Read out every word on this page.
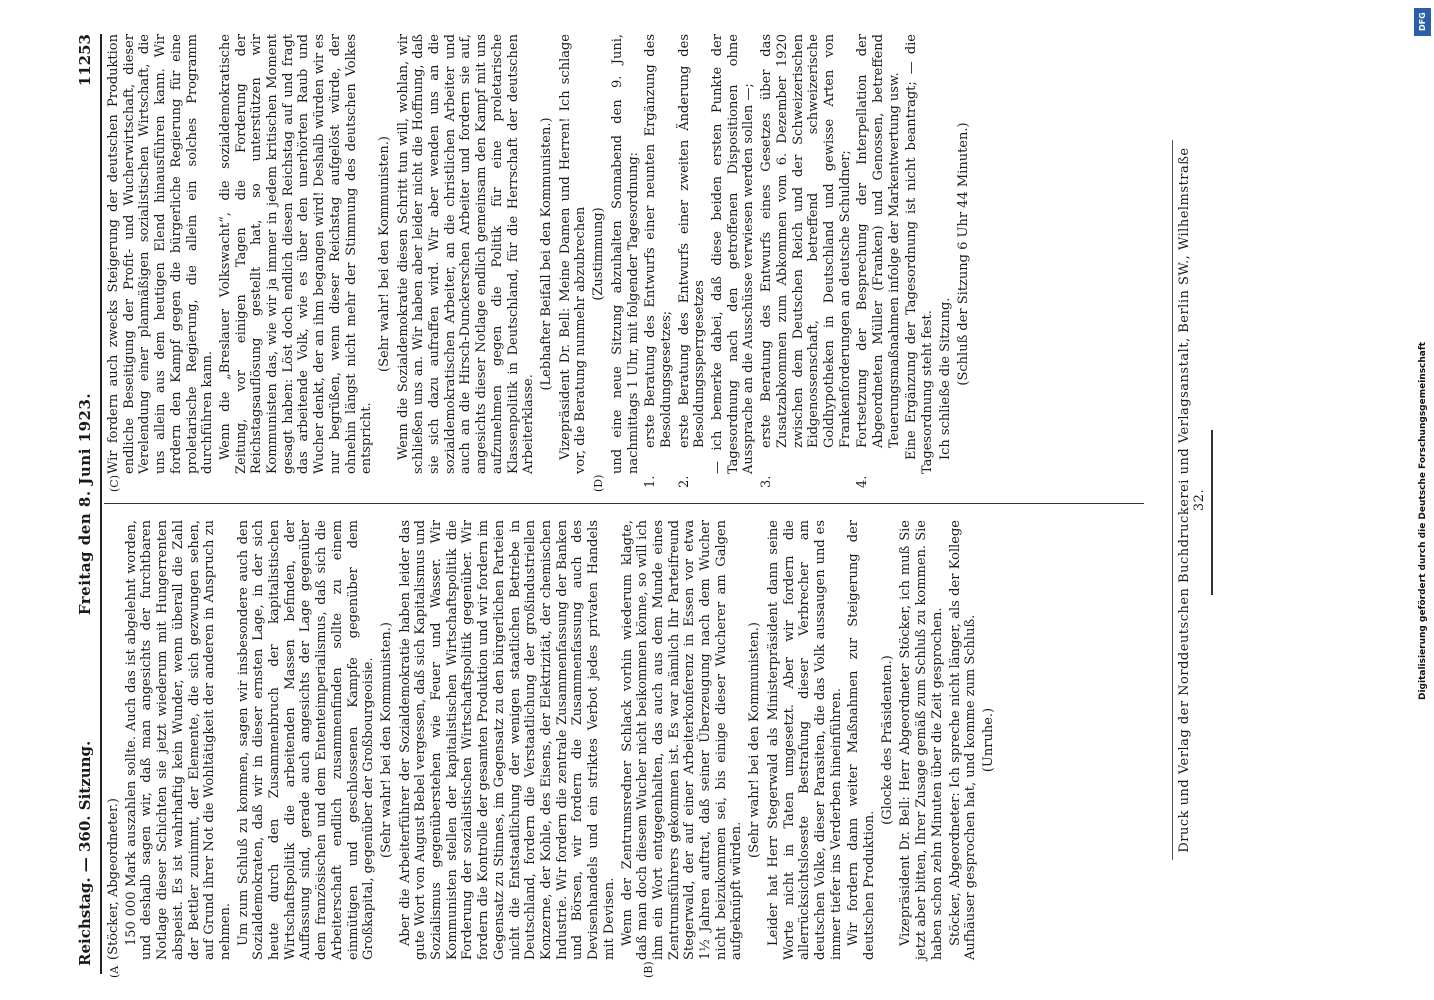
Reichstag. — 360. Sitzung.
Freitag den 8. Juni 1923.
11253
(A	(B)
(C)	(D)

(Stöcker, Abgeordneter.) 150 000 Mark auszahlen sollte. Auch das ist abgelehnt worden, und deshalb sagen wir, daß man angesichts der furchtbaren Notlage dieser Schichten sie jetzt wiederum mit Hungerrenten abspeist. Es ist wahrhaftig kein Wunder, wenn überall die Zahl der Bettler zunimmt, der Elemente, die sich gezwungen sehen, auf Grund ihrer Not die Wohltätigkeit der anderen in Anspruch zu nehmen. Um zum Schluß zu kommen, sagen wir insbesondere auch den Sozialdemokraten, daß wir in dieser ernsten Lage, in der sich heute durch den Zusammenbruch der kapitalistischen Wirtschaftspolitik die arbeitenden Massen befinden, der Auffassung sind, gerade auch angesichts der Lage gegenüber dem französischen und dem Ententeimperialismus, daß sich die Arbeiterschaft endlich zusammenfinden sollte zu einem einmütigen und geschlossenen Kampfe gegenüber dem Großkapital, gegenüber der Großbourgeoisie. (Sehr wahr! bei den Kommunisten.) Aber die Arbeiterführer der Sozialdemokratie haben leider das gute Wort von August Bebel vergessen, daß sich Kapitalismus und Sozialismus gegenüberstehen wie Feuer und Wasser. Wir Kommunisten stellen der kapitalistischen Wirtschaftspolitik die Forderung der sozialistischen Wirtschaftspolitik gegenüber. Wir fordern die Kontrolle der gesamten Produktion und wir fordern im Gegensatz zu Stinnes, im Gegensatz zu den bürgerlichen Parteien nicht die Entstaatlichung der wenigen staatlichen Betriebe in Deutschland, fordern die Verstaatlichung der großindustriellen Konzerne, der Kohle, des Eisens, der Elektrizität, der chemischen Industrie. Wir fordern die zentrale Zusammenfassung der Banken und Börsen, wir fordern die Zusammenfassung auch des Devisenhandels und ein striktes Verbot jedes privaten Handels mit Devisen. Wenn der Zentrumsredner Schlack vorhin wiederum klagte, daß man doch diesem Wucher nicht beikommen könne, so will ich ihm ein Wort entgegenhalten, das auch aus dem Munde eines Zentrumsführers gekommen ist. Es war nämlich Ihr Parteifreund Stegerwald, der auf einer Arbeiterkonferenz in Essen vor etwa 1½ Jahren auftrat, daß seiner Überzeugung nach dem Wucher nicht beizukommen sei, bis einige dieser Wucherer am Galgen aufgeknüpft würden.

(Sehr wahr! bei den Kommunisten.) Leider hat Herr Stegerwald als Ministerpräsident dann seine Worte nicht in Taten umgesetzt. Aber wir fordern die allerrücksichtsloseste Bestrafung dieser Verbrecher am deutschen Volke, dieser Parasiten, die das Volk aussaugen und es immer tiefer ins Verderben hineinführen. Wir fordern dann weiter Maßnahmen zur Steigerung der deutschen Produktion.

(Glocke des Präsidenten.) Vizepräsident Dr. Bell: Herr Abgeordneter Stöcker, ich muß Sie jetzt aber bitten, Ihrer Zusage gemäß zum Schluß zu kommen. Sie haben schon zehn Minuten über die Zeit gesprochen. Stöcker, Abgeordneter: Ich spreche nicht länger, als der Kollege Aufhäuser gesprochen hat, und komme zum Schluß. (Unruhe.)

Wir fordern auch zwecks Steigerung der deutschen Produktion endliche Beseitigung der Profit- und Wucherwirtschaft, dieser Verelendung einer planmäßigen sozialistischen Wirtschaft, die uns allein aus dem heutigen Elend hinausführen kann. Wir fordern den Kampf gegen die bürgerliche Regierung für eine proletarische Regierung, die allein ein solches Programm durchführen kann. Wenn die „Breslauer Volkswacht“, die sozialdemokratische Zeitung, vor einigen Tagen die Forderung der Reichstagsauflösung gestellt hat, so unterstützen wir Kommunisten das, wie wir ja immer in jedem kritischen Moment gesagt haben: Löst doch endlich diesen Reichstag auf und fragt das arbeitende Volk, wie es über den unerhörten Raub und Wucher denkt, der an ihm begangen wird! Deshalb würden wir es nur begrüßen, wenn dieser Reichstag aufgelöst würde, der ohnehin längst nicht mehr der Stimmung des deutschen Volkes entspricht.

(Sehr wahr! bei den Kommunisten.) Wenn die Sozialdemokratie diesen Schritt tun will, wohlan, wir schließen uns an. Wir haben aber leider nicht die Hoffnung, daß sie sich dazu aufraffen wird. Wir aber wenden uns an die sozialdemokratischen Arbeiter, an die christlichen Arbeiter und auch an die Hirsch-Dunckerschen Arbeiter und fordern sie auf, angesichts dieser Notlage endlich gemeinsam den Kampf mit uns aufzunehmen gegen die Politik für eine proletarische Klassenpolitik in Deutschland, für die Herrschaft der deutschen Arbeiterklasse.

(Lebhafter Beifall bei den Kommunisten.) Vizepräsident Dr. Bell: Meine Damen und Herren! Ich schlage vor, die Beratung nunmehr abzubrechen (Zustimmung) und eine neue Sitzung abzuhalten Sonnabend den 9. Juni, nachmittags 1 Uhr, mit folgender Tagesordnung:

1.erste Beratung des Entwurfs einer neunten Ergänzung des Besoldungsgesetzes;

2.erste Beratung des Entwurfs einer zweiten Änderung des Besoldungssperrgesetzes — ich bemerke dabei, daß diese beiden ersten Punkte der Tagesordnung nach den getroffenen Dispositionen ohne Aussprache an die Ausschüsse verwiesen werden sollen —;

3.erste Beratung des Entwurfs eines Gesetzes über das Zusatzabkommen zum Abkommen vom 6. Dezember 1920 zwischen dem Deutschen Reich und der Schweizerischen Eidgenossenschaft, betreffend schweizerische Goldhypotheken in Deutschland und gewisse Arten von Frankenforderungen an deutsche Schuldner;

4.Fortsetzung der Besprechung der Interpellation der Abgeordneten Müller (Franken) und Genossen, betreffend Teuerungsmaßnahmen infolge der Markentwertung usw. Eine Ergänzung der Tagesordnung ist nicht beantragt; — die Tagesordnung steht fest. Ich schließe die Sitzung. (Schluß der Sitzung 6 Uhr 44 Minuten.)	Druck und Verlag der Norddeutschen Buchdruckerei und Verlagsanstalt, Berlin SW., Wilhelmstraße 32.	Digitalisierung gefördert durch die Deutsche Forschungsgemeinschaft
DFG
